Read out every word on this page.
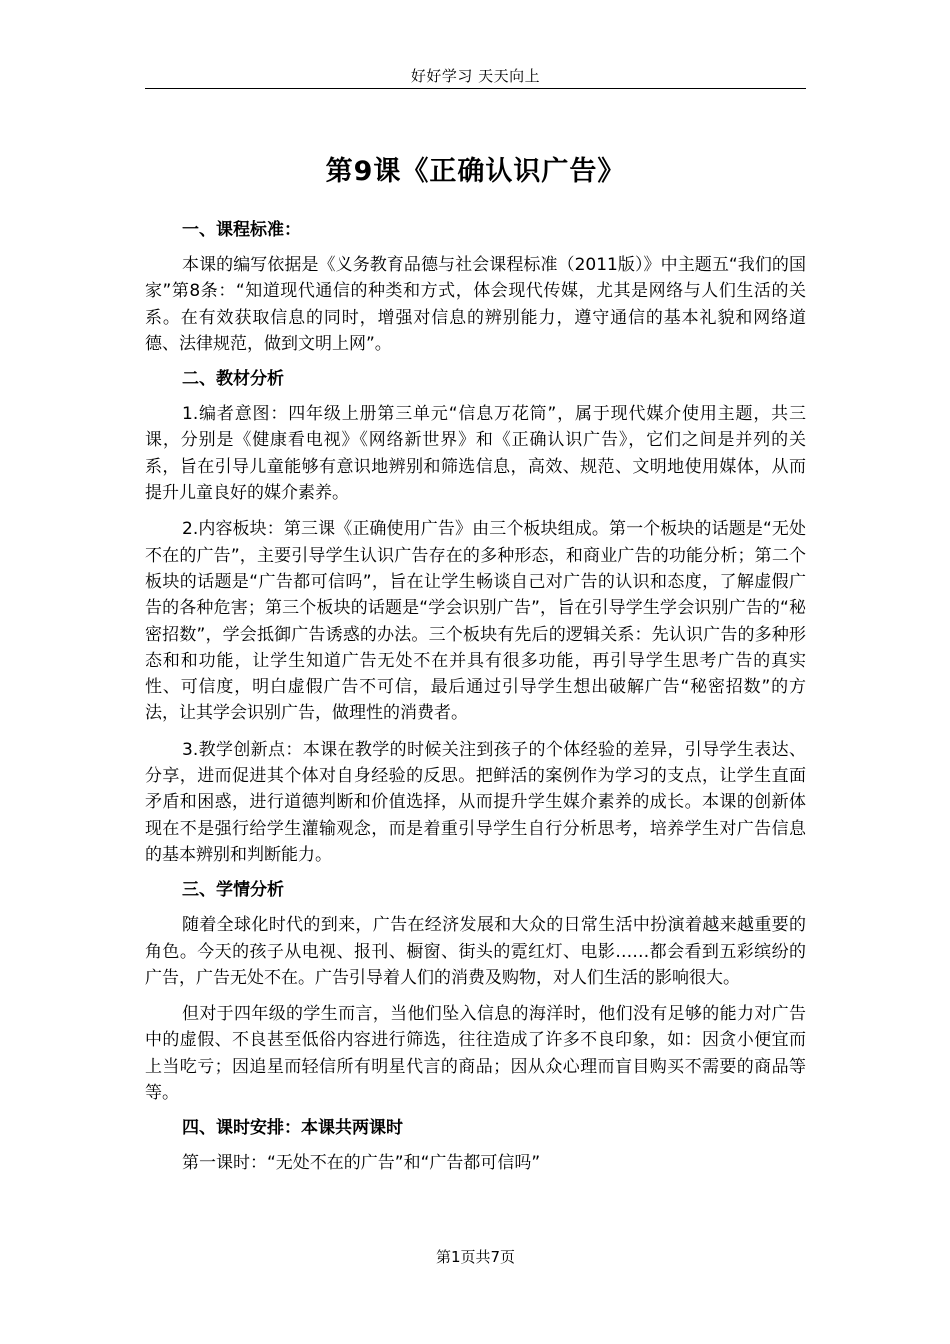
好好学习 天天向上
第9课《正确认识广告》
一、课程标准：

本课的编写依据是《义务教育品德与社会课程标准（2011版）》中主题五“我们的国家”第8条：“知道现代通信的种类和方式，体会现代传媒，尤其是网络与人们生活的关系。在有效获取信息的同时，增强对信息的辨别能力，遵守通信的基本礼貌和网络道德、法律规范，做到文明上网”。

二、教材分析

1.编者意图：四年级上册第三单元“信息万花筒”，属于现代媒介使用主题，共三课，分别是《健康看电视》《网络新世界》和《正确认识广告》，它们之间是并列的关系，旨在引导儿童能够有意识地辨别和筛选信息，高效、规范、文明地使用媒体，从而提升儿童良好的媒介素养。

2.内容板块：第三课《正确使用广告》由三个板块组成。第一个板块的话题是“无处不在的广告”，主要引导学生认识广告存在的多种形态，和商业广告的功能分析；第二个板块的话题是“广告都可信吗”，旨在让学生畅谈自己对广告的认识和态度，了解虚假广告的各种危害；第三个板块的话题是“学会识别广告”，旨在引导学生学会识别广告的“秘密招数”，学会抵御广告诱惑的办法。三个板块有先后的逻辑关系：先认识广告的多种形态和和功能，让学生知道广告无处不在并具有很多功能，再引导学生思考广告的真实性、可信度，明白虚假广告不可信，最后通过引导学生想出破解广告“秘密招数”的方法，让其学会识别广告，做理性的消费者。

3.教学创新点：本课在教学的时候关注到孩子的个体经验的差异，引导学生表达、分享，进而促进其个体对自身经验的反思。把鲜活的案例作为学习的支点，让学生直面矛盾和困惑，进行道德判断和价值选择，从而提升学生媒介素养的成长。本课的创新体现在不是强行给学生灌输观念，而是着重引导学生自行分析思考，培养学生对广告信息的基本辨别和判断能力。

三、学情分析

随着全球化时代的到来，广告在经济发展和大众的日常生活中扮演着越来越重要的角色。今天的孩子从电视、报刊、橱窗、街头的霓红灯、电影……都会看到五彩缤纷的广告，广告无处不在。广告引导着人们的消费及购物，对人们生活的影响很大。

但对于四年级的学生而言，当他们坠入信息的海洋时，他们没有足够的能力对广告中的虚假、不良甚至低俗内容进行筛选，往往造成了许多不良印象，如：因贪小便宜而上当吃亏；因追星而轻信所有明星代言的商品；因从众心理而盲目购买不需要的商品等等。

四、课时安排：本课共两课时

第一课时：“无处不在的广告”和“广告都可信吗”

第1页共7页
